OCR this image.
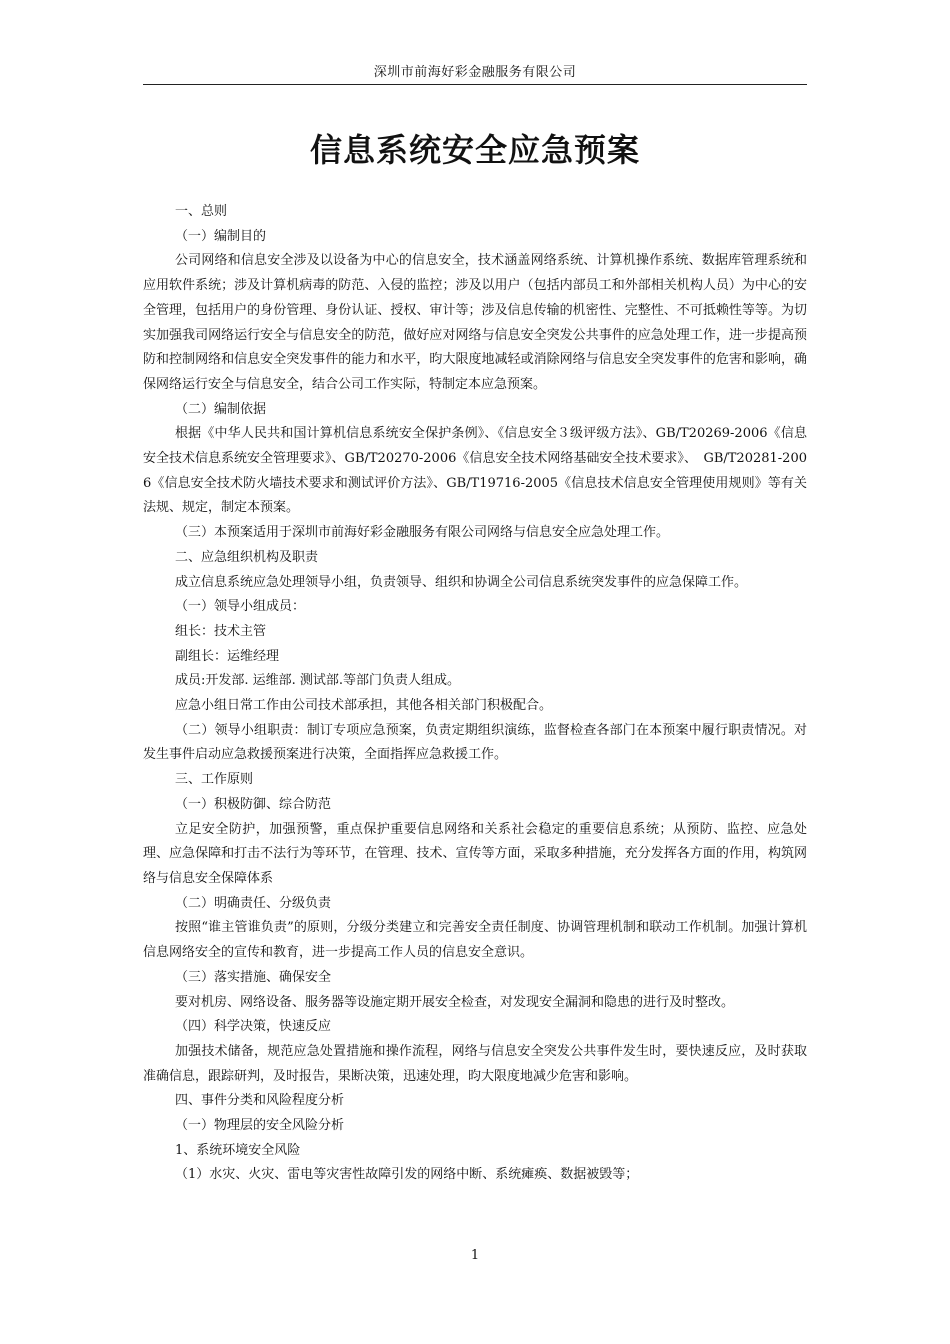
深圳市前海好彩金融服务有限公司
信息系统安全应急预案

一、总则

（一）编制目的

公司网络和信息安全涉及以设备为中心的信息安全，技术涵盖网络系统、计算机操作系统、数据库管理系统和应用软件系统；涉及计算机病毒的防范、入侵的监控；涉及以用户（包括内部员工和外部相关机构人员）为中心的安全管理，包括用户的身份管理、身份认证、授权、审计等；涉及信息传输的机密性、完整性、不可抵赖性等等。为切实加强我司网络运行安全与信息安全的防范，做好应对网络与信息安全突发公共事件的应急处理工作，进一步提高预防和控制网络和信息安全突发事件的能力和水平，昀大限度地减轻或消除网络与信息安全突发事件的危害和影响，确保网络运行安全与信息安全，结合公司工作实际，特制定本应急预案。

（二）编制依据

根据《中华人民共和国计算机信息系统安全保护条例》、《信息安全３级评级方法》、GB/T20269-2006《信息安全技术信息系统安全管理要求》、GB/T20270-2006《信息安全技术网络基础安全技术要求》、　GB/T20281-2006《信息安全技术防火墙技术要求和测试评价方法》、GB/T19716-2005《信息技术信息安全管理使用规则》等有关法规、规定，制定本预案。

（三）本预案适用于深圳市前海好彩金融服务有限公司网络与信息安全应急处理工作。

二、应急组织机构及职责

成立信息系统应急处理领导小组，负责领导、组织和协调全公司信息系统突发事件的应急保障工作。

（一）领导小组成员：

组长：技术主管

副组长：运维经理

成员:开发部. 运维部. 测试部.等部门负责人组成。

应急小组日常工作由公司技术部承担，其他各相关部门积极配合。

（二）领导小组职责：制订专项应急预案，负责定期组织演练，监督检查各部门在本预案中履行职责情况。对发生事件启动应急救援预案进行决策，全面指挥应急救援工作。

三、工作原则

（一）积极防御、综合防范

立足安全防护，加强预警，重点保护重要信息网络和关系社会稳定的重要信息系统；从预防、监控、应急处理、应急保障和打击不法行为等环节，在管理、技术、宣传等方面，采取多种措施，充分发挥各方面的作用，构筑网络与信息安全保障体系

（二）明确责任、分级负责

按照“谁主管谁负责”的原则，分级分类建立和完善安全责任制度、协调管理机制和联动工作机制。加强计算机信息网络安全的宣传和教育，进一步提高工作人员的信息安全意识。

（三）落实措施、确保安全

要对机房、网络设备、服务器等设施定期开展安全检查，对发现安全漏洞和隐患的进行及时整改。

（四）科学决策，快速反应

加强技术储备，规范应急处置措施和操作流程，网络与信息安全突发公共事件发生时，要快速反应，及时获取准确信息，跟踪研判，及时报告，果断决策，迅速处理，昀大限度地减少危害和影响。

四、事件分类和风险程度分析

（一）物理层的安全风险分析

1、系统环境安全风险

（1）水灾、火灾、雷电等灾害性故障引发的网络中断、系统瘫痪、数据被毁等；

1
